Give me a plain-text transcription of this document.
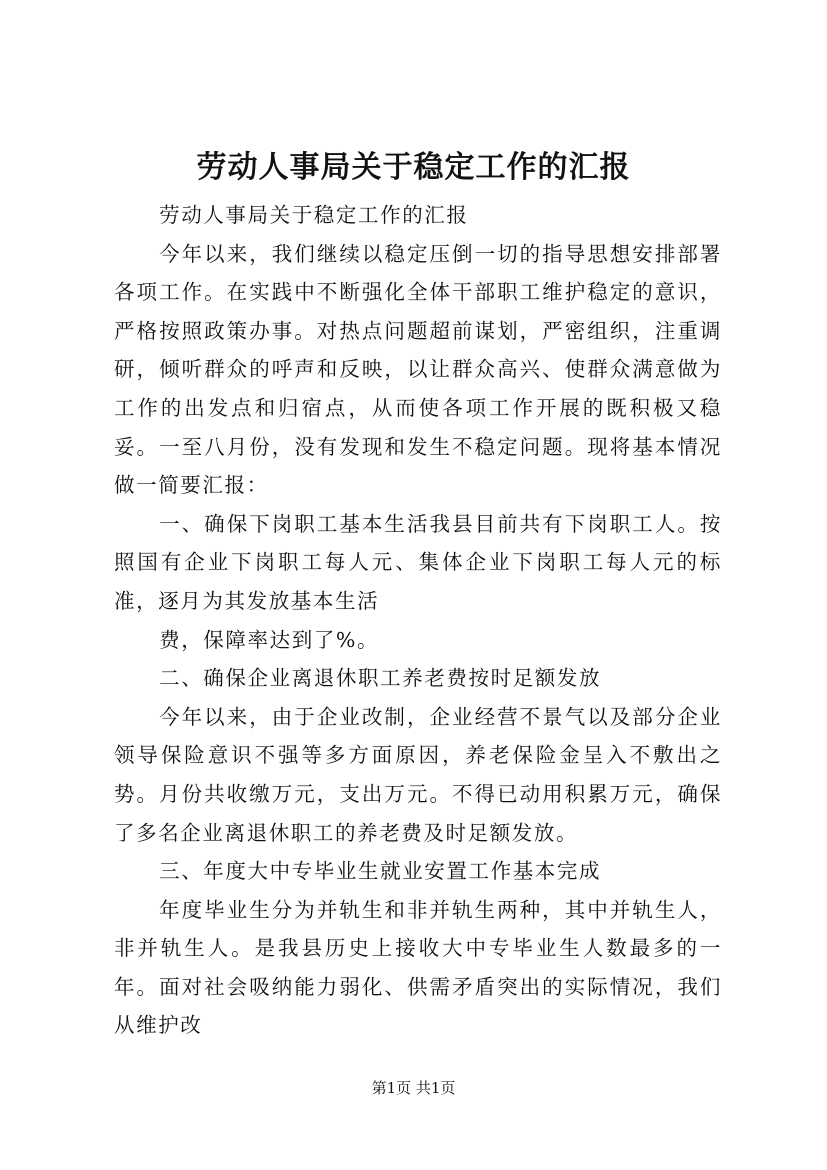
劳动人事局关于稳定工作的汇报

劳动人事局关于稳定工作的汇报

今年以来，我们继续以稳定压倒一切的指导思想安排部署各项工作。在实践中不断强化全体干部职工维护稳定的意识，严格按照政策办事。对热点问题超前谋划，严密组织，注重调研，倾听群众的呼声和反映，以让群众高兴、使群众满意做为工作的出发点和归宿点，从而使各项工作开展的既积极又稳妥。一至八月份，没有发现和发生不稳定问题。现将基本情况做一简要汇报：

一、确保下岗职工基本生活我县目前共有下岗职工人。按照国有企业下岗职工每人元、集体企业下岗职工每人元的标准，逐月为其发放基本生活

费，保障率达到了%。

二、确保企业离退休职工养老费按时足额发放

今年以来，由于企业改制，企业经营不景气以及部分企业领导保险意识不强等多方面原因，养老保险金呈入不敷出之势。月份共收缴万元，支出万元。不得已动用积累万元，确保了多名企业离退休职工的养老费及时足额发放。

三、年度大中专毕业生就业安置工作基本完成

年度毕业生分为并轨生和非并轨生两种，其中并轨生人，非并轨生人。是我县历史上接收大中专毕业生人数最多的一年。面对社会吸纳能力弱化、供需矛盾突出的实际情况，我们从维护改

第1页 共1页
